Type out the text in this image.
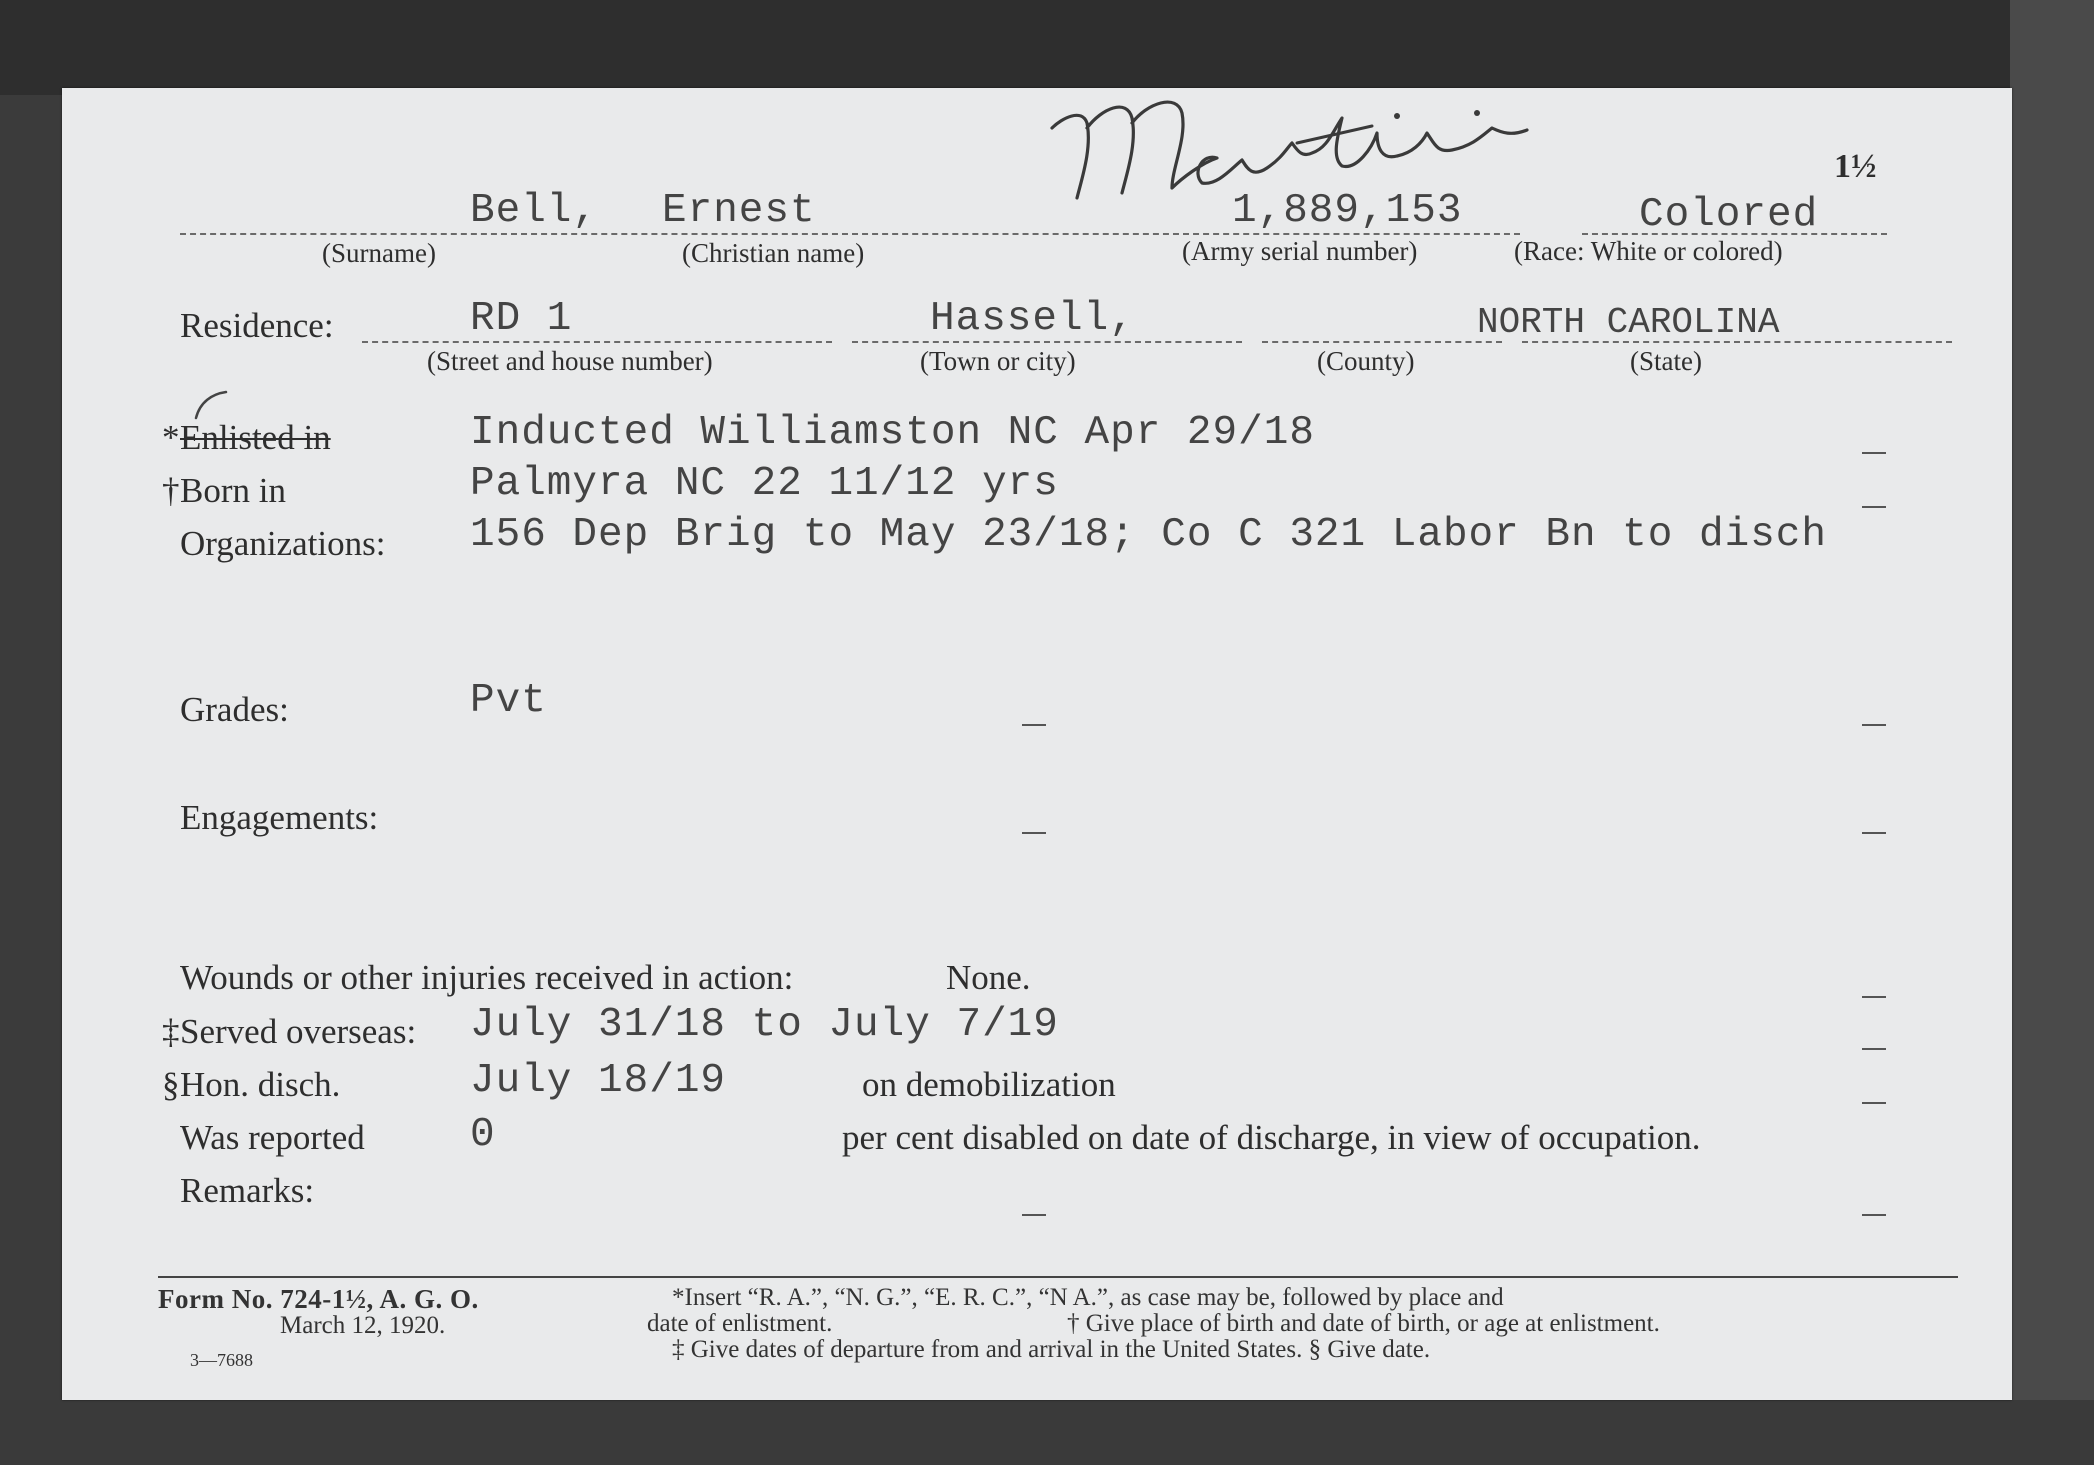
1½
Bell, Ernest	1,889,153	Colored
(Surname)	(Christian name)	(Army serial number)	(Race: White or colored)
Residence:	RD 1	Hassell,	NORTH CAROLINA
(Street and house number)	(Town or city)	(County)	(State)
* Enlisted in	Inducted Williamston NC Apr 29/18
† Born in	Palmyra NC 22 11/12 yrs
Organizations: 156 Dep Brig to May 23/18; Co C 321 Labor Bn to disch
Grades:	Pvt
Engagements:
Wounds or other injuries received in action:	None.
‡ Served overseas: July 31/18 to July 7/19
§ Hon. disch.	July 18/19	on demobilization
Was reported	0	per cent disabled on date of discharge, in view of occupation.
Remarks:
Form No. 724-1½, A. G. O.
March 12, 1920.
3—7688
*Insert “R. A.”, “N. G.”, “E. R. C.”, “N A.”, as case may be, followed by place and
date of enlistment.	† Give place of birth and date of birth, or age at enlistment.
‡ Give dates of departure from and arrival in the United States. § Give date.
